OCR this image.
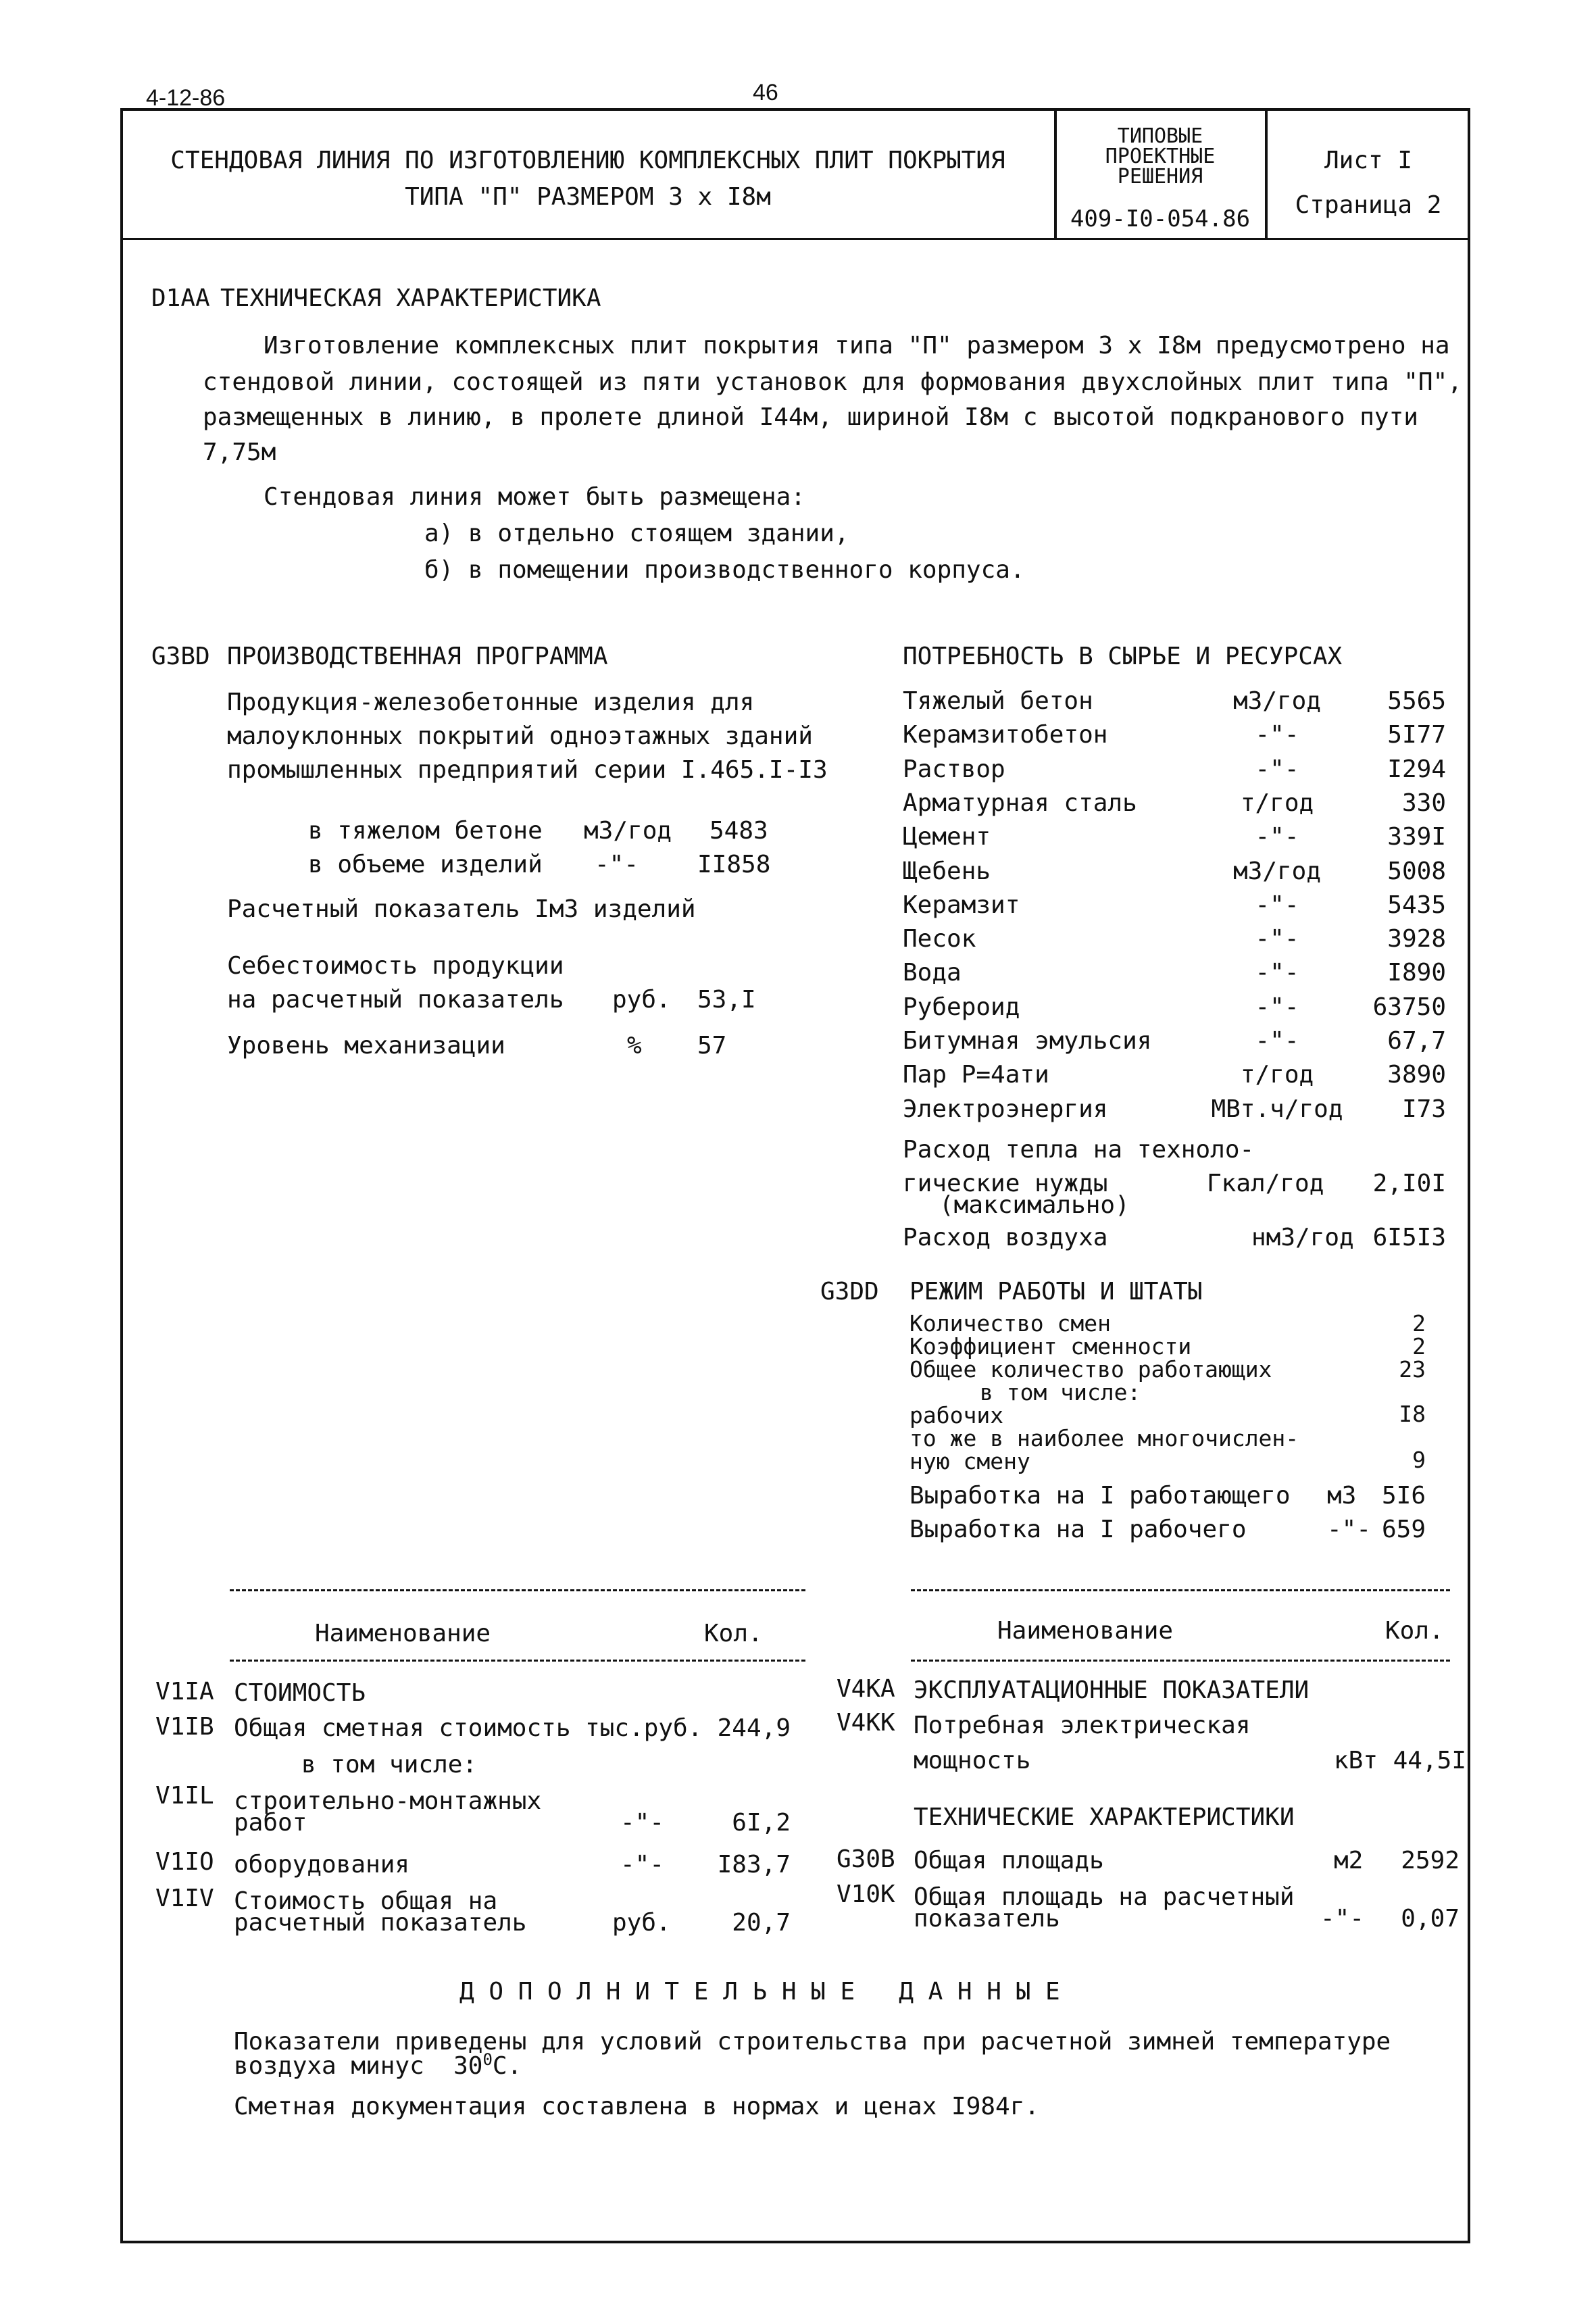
4-12-86	46
СТЕНДОВАЯ ЛИНИЯ ПО ИЗГОТОВЛЕНИЮ КОМПЛЕКСНЫХ ПЛИТ ПОКРЫТИЯ
ТИПА "П" РАЗМЕРОМ 3 х I8м
ТИПОВЫЕ
ПРОЕКТНЫЕ
РЕШЕНИЯ
409-I0-054.86
Лист I
Страница 2
D1AA ТЕХНИЧЕСКАЯ ХАРАКТЕРИСТИКА
Изготовление комплексных плит покрытия типа "П" размером 3 х I8м предусмотрено на
стендовой линии, состоящей из пяти установок для формования двухслойных плит типа "П",
размещенных в линию, в пролете длиной I44м, шириной I8м с высотой подкранового пути
7,75м
Стендовая линия может быть размещена:
а) в отдельно стоящем здании,
б) в помещении производственного корпуса.
G3BD ПРОИЗВОДСТВЕННАЯ ПРОГРАММА
Продукция-железобетонные изделия для
малоуклонных покрытий одноэтажных зданий
промышленных предприятий серии I.465.I-I3
в тяжелом бетоне м3/год 5483
в объеме изделий -"- II858
Расчетный показатель Iм3 изделий
Себестоимость продукции
на расчетный показатель руб. 53,I
Уровень механизации	% 57
ПОТРЕБНОСТЬ В СЫРЬЕ И РЕСУРСАХ
Тяжелый бетон	м3/год	5565
Керамзитобетон	-"-	5I77
Раствор	-"-	I294
Арматурная сталь	т/год	330
Цемент	-"-	339I
Щебень	м3/год	5008
Керамзит	-"-	5435
Песок	-"-	3928
Вода	-"-	I890
Рубероид	-"-	63750
Битумная эмульсия	-"-	67,7
Пар Р=4ати	т/год	3890
Электроэнергия	МВт.ч/год	I73
Расход тепла на техноло-
гические нужды
(максимально)
Гкал/год	2,I0I
Расход воздуха	нм3/год 6I5I3
G3DD РЕЖИМ РАБОТЫ И ШТАТЫ
Количество смен	2
Коэффициент сменности	2
Общее количество работающих	23
в том числе:
рабочих	I8
то же в наиболее многочислен-
ную смену	9
Выработка на I работающего м3	5I6
Выработка на I рабочего	-"- 659
Наименование	Кол.
V1IA СТОИМОСТЬ
V1IB Общая сметная стоимость тыс.руб. 244,9
в том числе:
V1IL строительно-монтажных
работ	-"-	6I,2
V1IO оборудования	-"-	I83,7
V1IV Стоимость общая на
расчетный показатель	руб.	20,7
Наименование	Кол.
V4KA ЭКСПЛУАТАЦИОННЫЕ ПОКАЗАТЕЛИ
V4KK Потребная электрическая
мощность	кВт 44,5I
ТЕХНИЧЕСКИЕ ХАРАКТЕРИСТИКИ
G30B Общая площадь	м2	2592
V10K Общая площадь на расчетный
показатель	-"-	0,07
Д О П О Л Н И Т Е Л Ь Н Ы Е   Д А Н Н Ы Е
Показатели приведены для условий строительства при расчетной зимней температуре
воздуха минус  $30^0С$.
Сметная документация составлена в нормах и ценах I984г.
